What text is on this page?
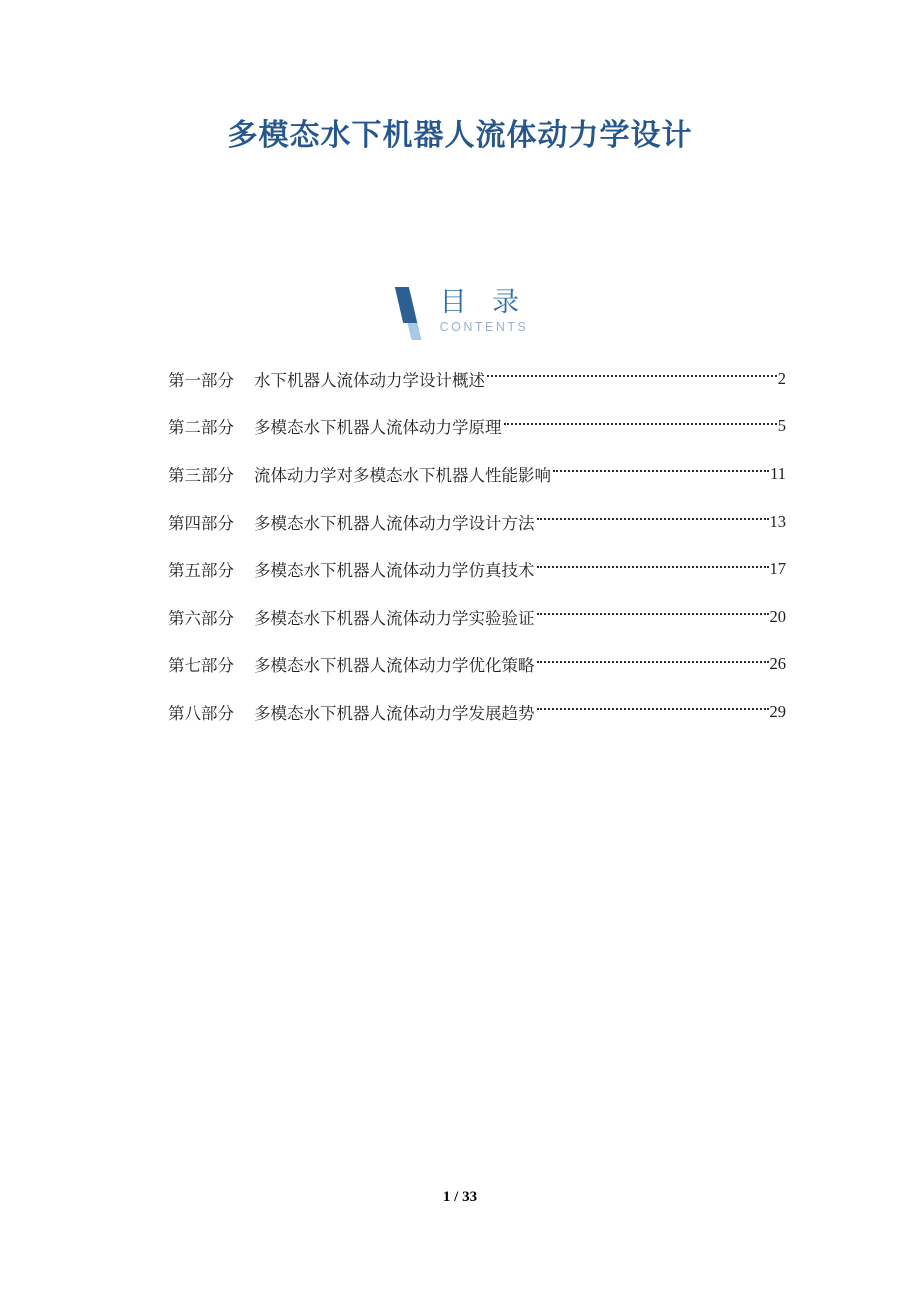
多模态水下机器人流体动力学设计
目 录
CONTENTS
第一部分	水下机器人流体动力学设计概述	2
第二部分	多模态水下机器人流体动力学原理	5
第三部分	流体动力学对多模态水下机器人性能影响	11
第四部分	多模态水下机器人流体动力学设计方法	13
第五部分	多模态水下机器人流体动力学仿真技术	17
第六部分	多模态水下机器人流体动力学实验验证	20
第七部分	多模态水下机器人流体动力学优化策略	26
第八部分	多模态水下机器人流体动力学发展趋势	29
1 / 33
